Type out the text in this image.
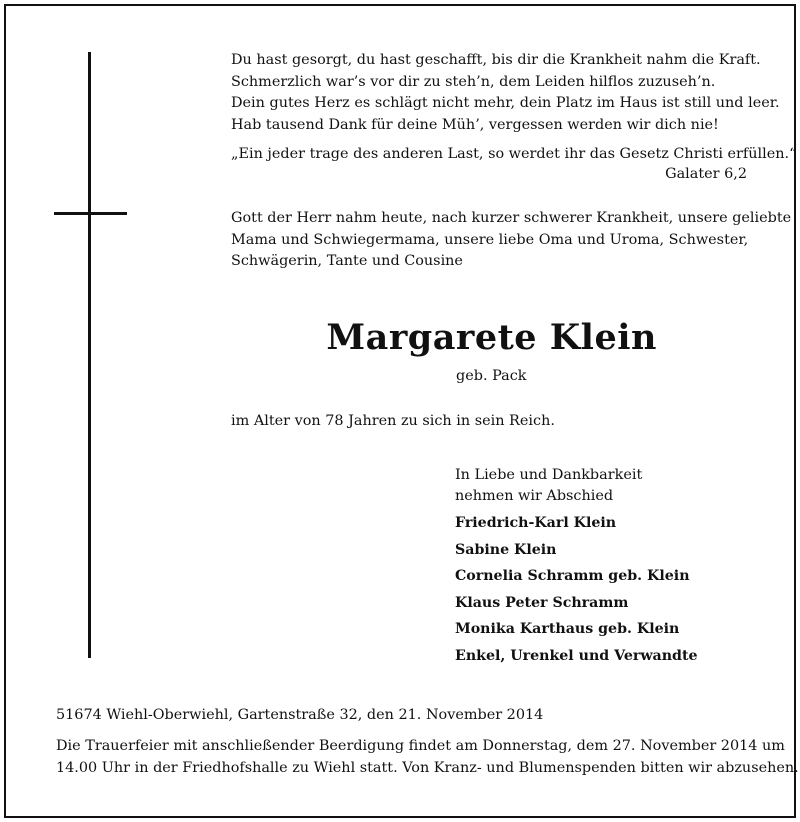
Du hast gesorgt, du hast geschafft, bis dir die Krankheit nahm die Kraft.
Schmerzlich war’s vor dir zu steh’n, dem Leiden hilflos zuzuseh’n.
Dein gutes Herz es schlägt nicht mehr, dein Platz im Haus ist still und leer.
Hab tausend Dank für deine Müh’, vergessen werden wir dich nie!
„Ein jeder trage des anderen Last, so werdet ihr das Gesetz Christi erfüllen.“
Galater 6,2
Gott der Herr nahm heute, nach kurzer schwerer Krankheit, unsere geliebte
Mama und Schwiegermama, unsere liebe Oma und Uroma, Schwester,
Schwägerin, Tante und Cousine
Margarete Klein
geb. Pack
im Alter von 78 Jahren zu sich in sein Reich.
In Liebe und Dankbarkeit
nehmen wir Abschied
Friedrich-Karl Klein
Sabine Klein
Cornelia Schramm geb. Klein
Klaus Peter Schramm
Monika Karthaus geb. Klein
Enkel, Urenkel und Verwandte
51674 Wiehl-Oberwiehl, Gartenstraße 32, den 21. November 2014
Die Trauerfeier mit anschließender Beerdigung findet am Donnerstag, dem 27. November 2014 um
14.00 Uhr in der Friedhofshalle zu Wiehl statt. Von Kranz- und Blumenspenden bitten wir abzusehen.
